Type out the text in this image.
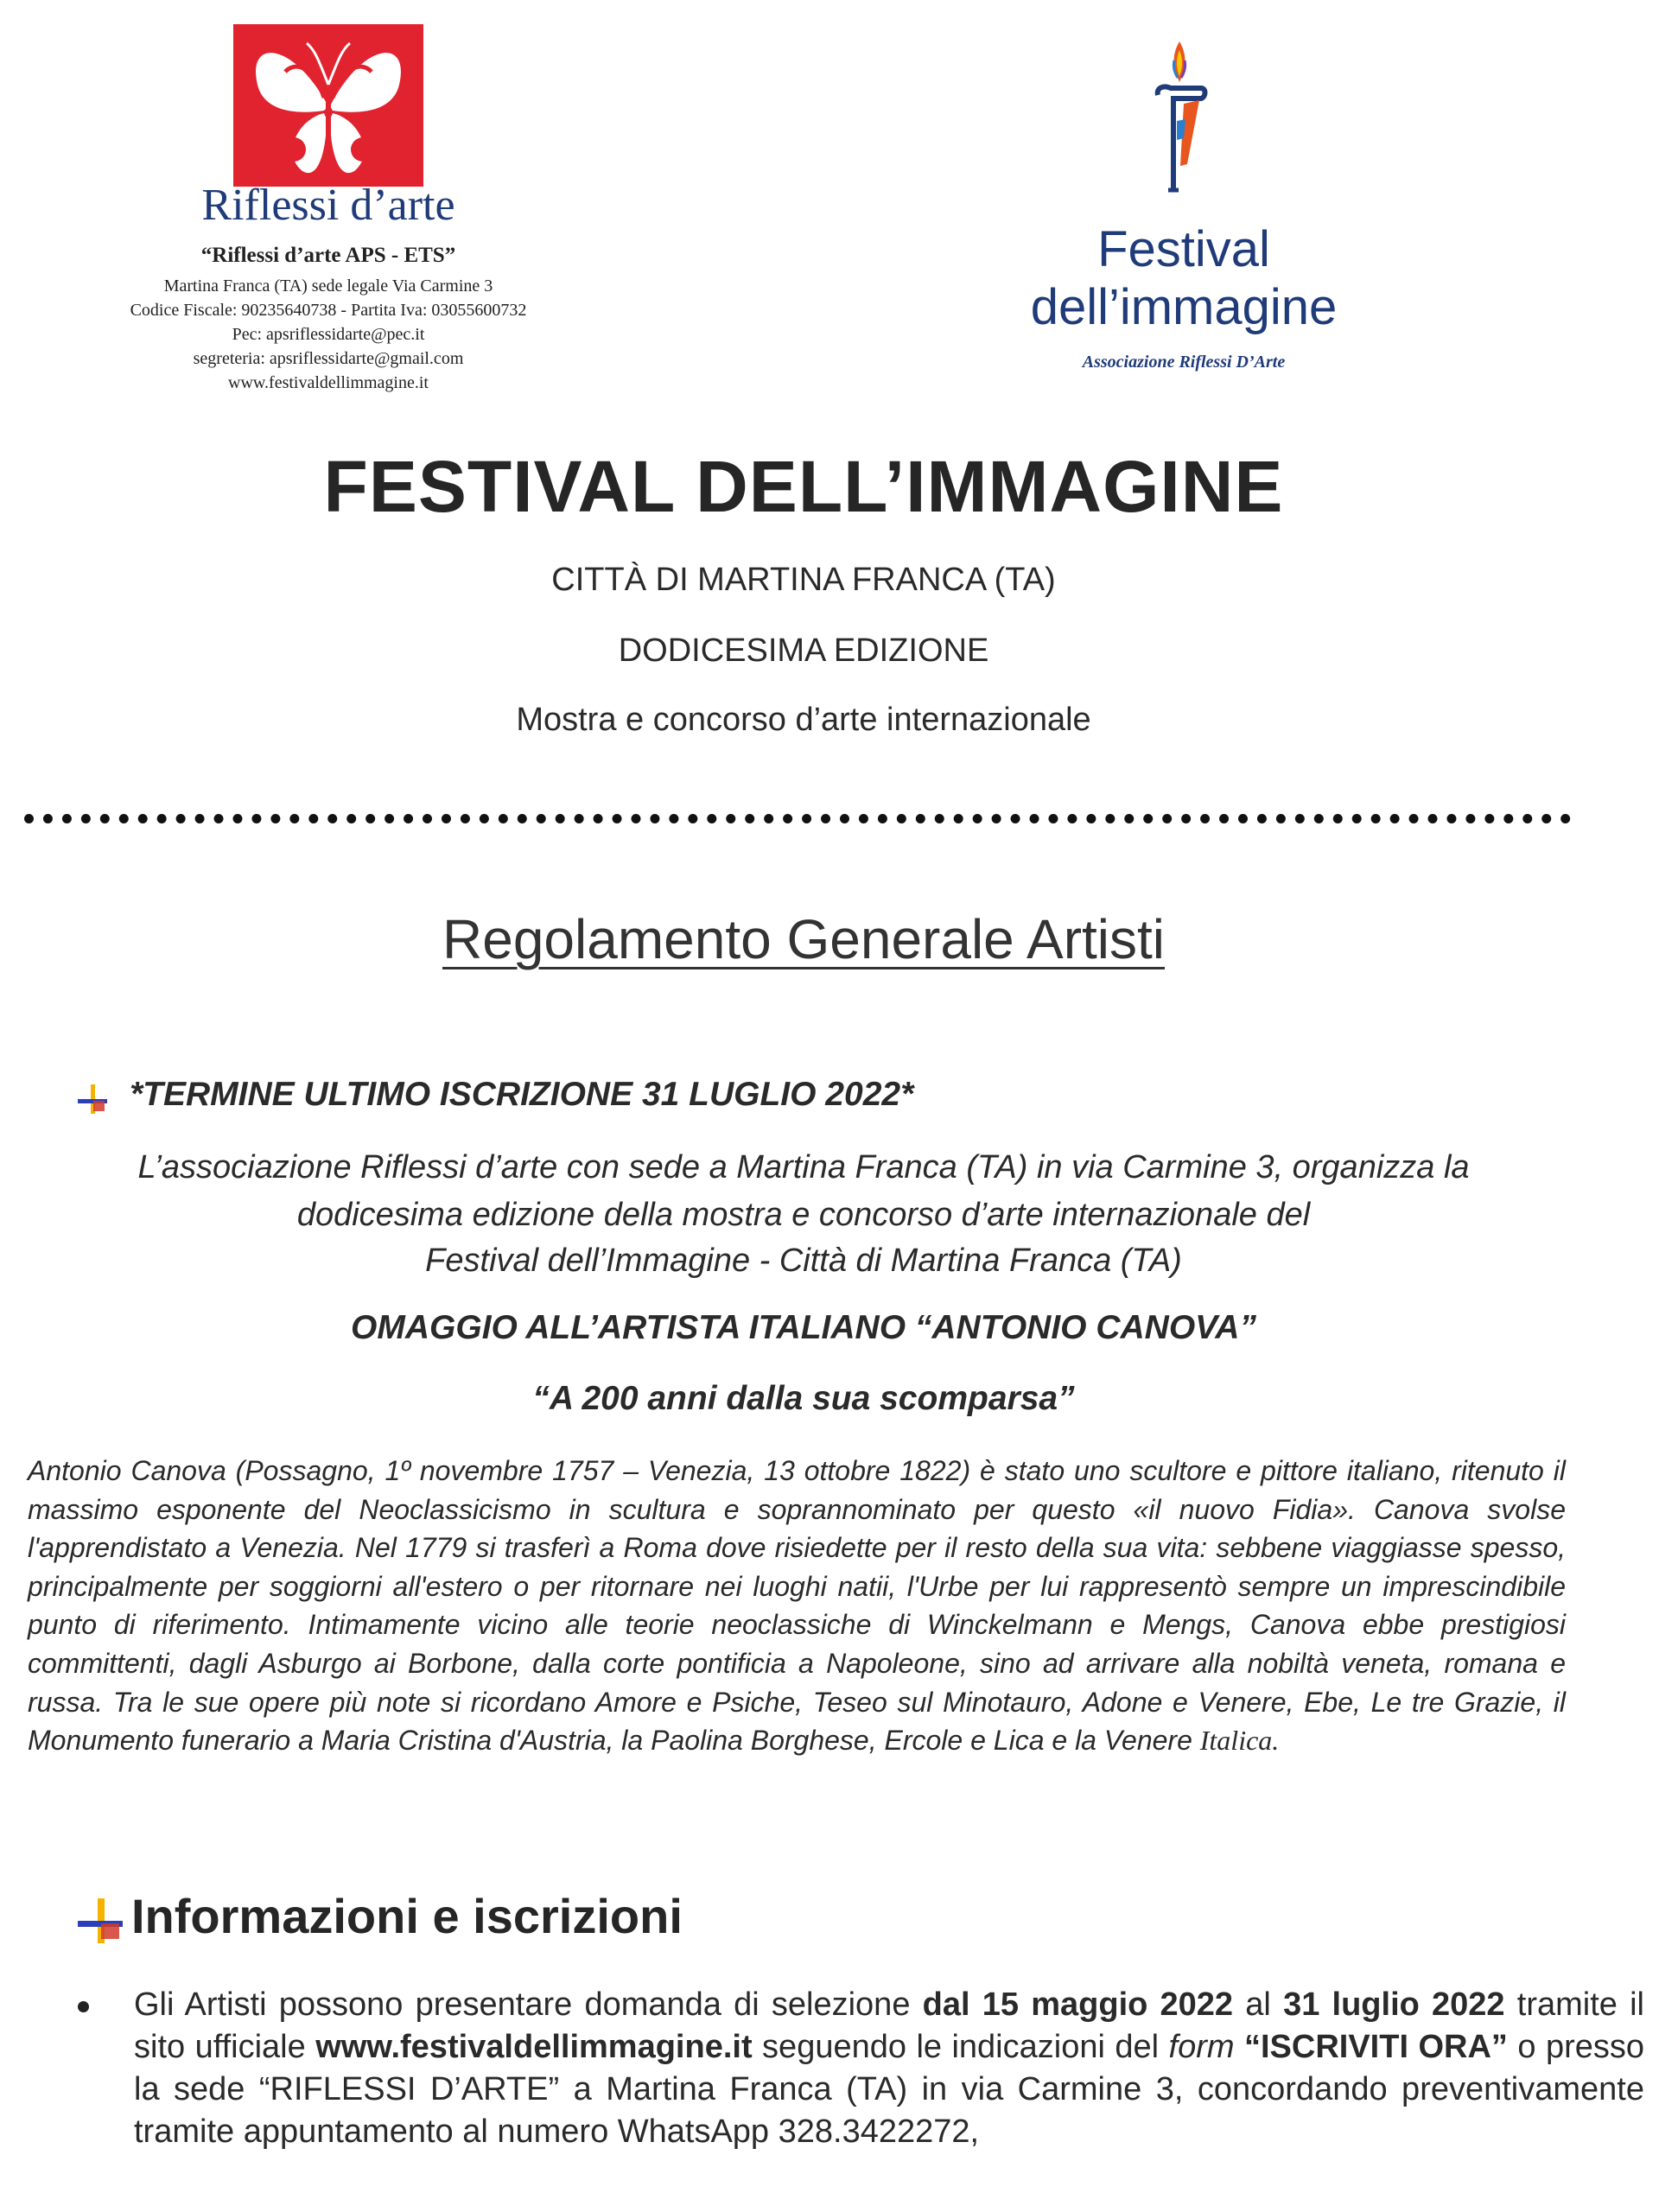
Riflessi d’arte
“Riflessi d’arte APS - ETS”
Martina Franca (TA) sede legale Via Carmine 3
Codice Fiscale: 90235640738 - Partita Iva: 03055600732
Pec: apsriflessidarte@pec.it
segreteria: apsriflessidarte@gmail.com
www.festivaldellimmagine.it
Festival
dell’immagine
Associazione Riflessi D’Arte
FESTIVAL DELL’IMMAGINE
CITTÀ DI MARTINA FRANCA (TA)
DODICESIMA EDIZIONE
Mostra e concorso d’arte internazionale
Regolamento Generale Artisti
*TERMINE ULTIMO ISCRIZIONE 31 LUGLIO 2022*
L’associazione Riflessi d’arte con sede a Martina Franca (TA) in via Carmine 3, organizza la
dodicesima edizione della mostra e concorso d’arte internazionale del
Festival dell’Immagine - Città di Martina Franca (TA)
OMAGGIO ALL’ARTISTA ITALIANO “ANTONIO CANOVA”
“A 200 anni dalla sua scomparsa”
Antonio Canova (Possagno, 1º novembre 1757 – Venezia, 13 ottobre 1822) è stato uno scultore e pittore italiano, ritenuto il massimo esponente del Neoclassicismo in scultura e soprannominato per questo «il nuovo Fidia». Canova svolse l'apprendistato a Venezia. Nel 1779 si trasferì a Roma dove risiedette per il resto della sua vita: sebbene viaggiasse spesso, principalmente per soggiorni all'estero o per ritornare nei luoghi natii, l'Urbe per lui rappresentò sempre un imprescindibile punto di riferimento. Intimamente vicino alle teorie neoclassiche di Winckelmann e Mengs, Canova ebbe prestigiosi committenti, dagli Asburgo ai Borbone, dalla corte pontificia a Napoleone, sino ad arrivare alla nobiltà veneta, romana e russa. Tra le sue opere più note si ricordano Amore e Psiche, Teseo sul Minotauro, Adone e Venere, Ebe, Le tre Grazie, il Monumento funerario a Maria Cristina d'Austria, la Paolina Borghese, Ercole e Lica e la Venere Italica.
Informazioni e iscrizioni
Gli Artisti possono presentare domanda di selezione dal 15 maggio 2022 al 31 luglio 2022 tramite il sito ufficiale www.festivaldellimmagine.it seguendo le indicazioni del form “ISCRIVITI ORA” o presso la sede “RIFLESSI D’ARTE” a Martina Franca (TA) in via Carmine 3, concordando preventivamente tramite appuntamento al numero WhatsApp 328.3422272,
